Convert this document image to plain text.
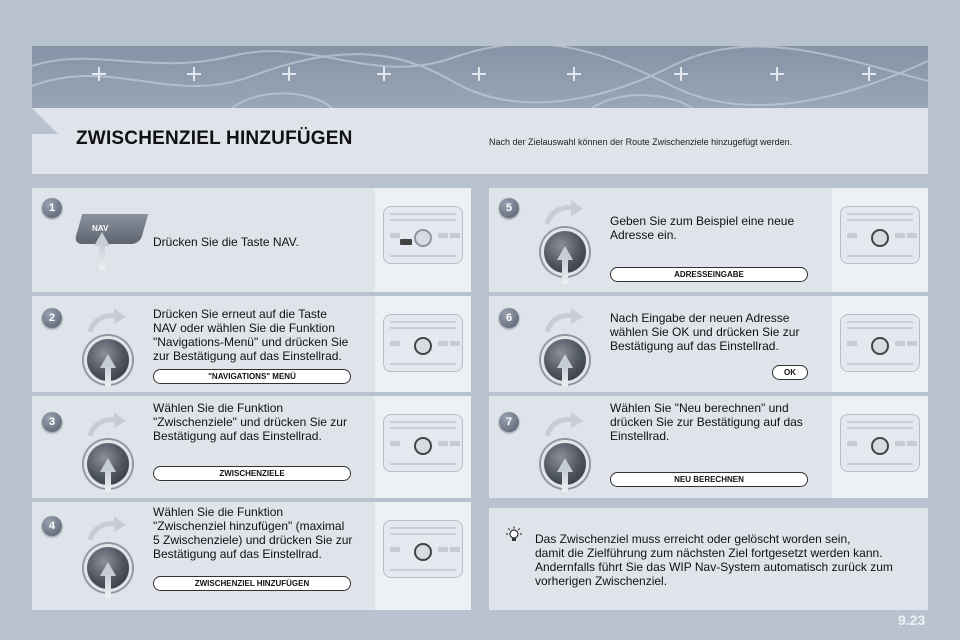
ZWISCHENZIEL HINZUFÜGEN	Nach der Zielauswahl können der Route Zwischenziele hinzugefügt werden.
1
NAV
Drücken Sie die Taste NAV.
2	Drücken Sie erneut auf die Taste
NAV oder wählen Sie die Funktion
"Navigations-Menü" und drücken Sie
zur Bestätigung auf das Einstellrad.
"NAVIGATIONS" MENÜ
3
Wählen Sie die Funktion
"Zwischenziele" und drücken Sie zur
Bestätigung auf das Einstellrad.
ZWISCHENZIELE
4
Wählen Sie die Funktion
"Zwischenziel hinzufügen" (maximal
5 Zwischenziele) und drücken Sie zur
Bestätigung auf das Einstellrad.
ZWISCHENZIEL HINZUFÜGEN
5
Geben Sie zum Beispiel eine neue
Adresse ein.
ADRESSEINGABE
6	Nach Eingabe der neuen Adresse
wählen Sie OK und drücken Sie zur
Bestätigung auf das Einstellrad.
OK
7
Wählen Sie "Neu berechnen" und
drücken Sie zur Bestätigung auf das
Einstellrad.
NEU BERECHNEN
Das Zwischenziel muss erreicht oder gelöscht worden sein,
damit die Zielführung zum nächsten Ziel fortgesetzt werden kann.
Andernfalls führt Sie das WIP Nav-System automatisch zurück zum
vorherigen Zwischenziel.
9.23
